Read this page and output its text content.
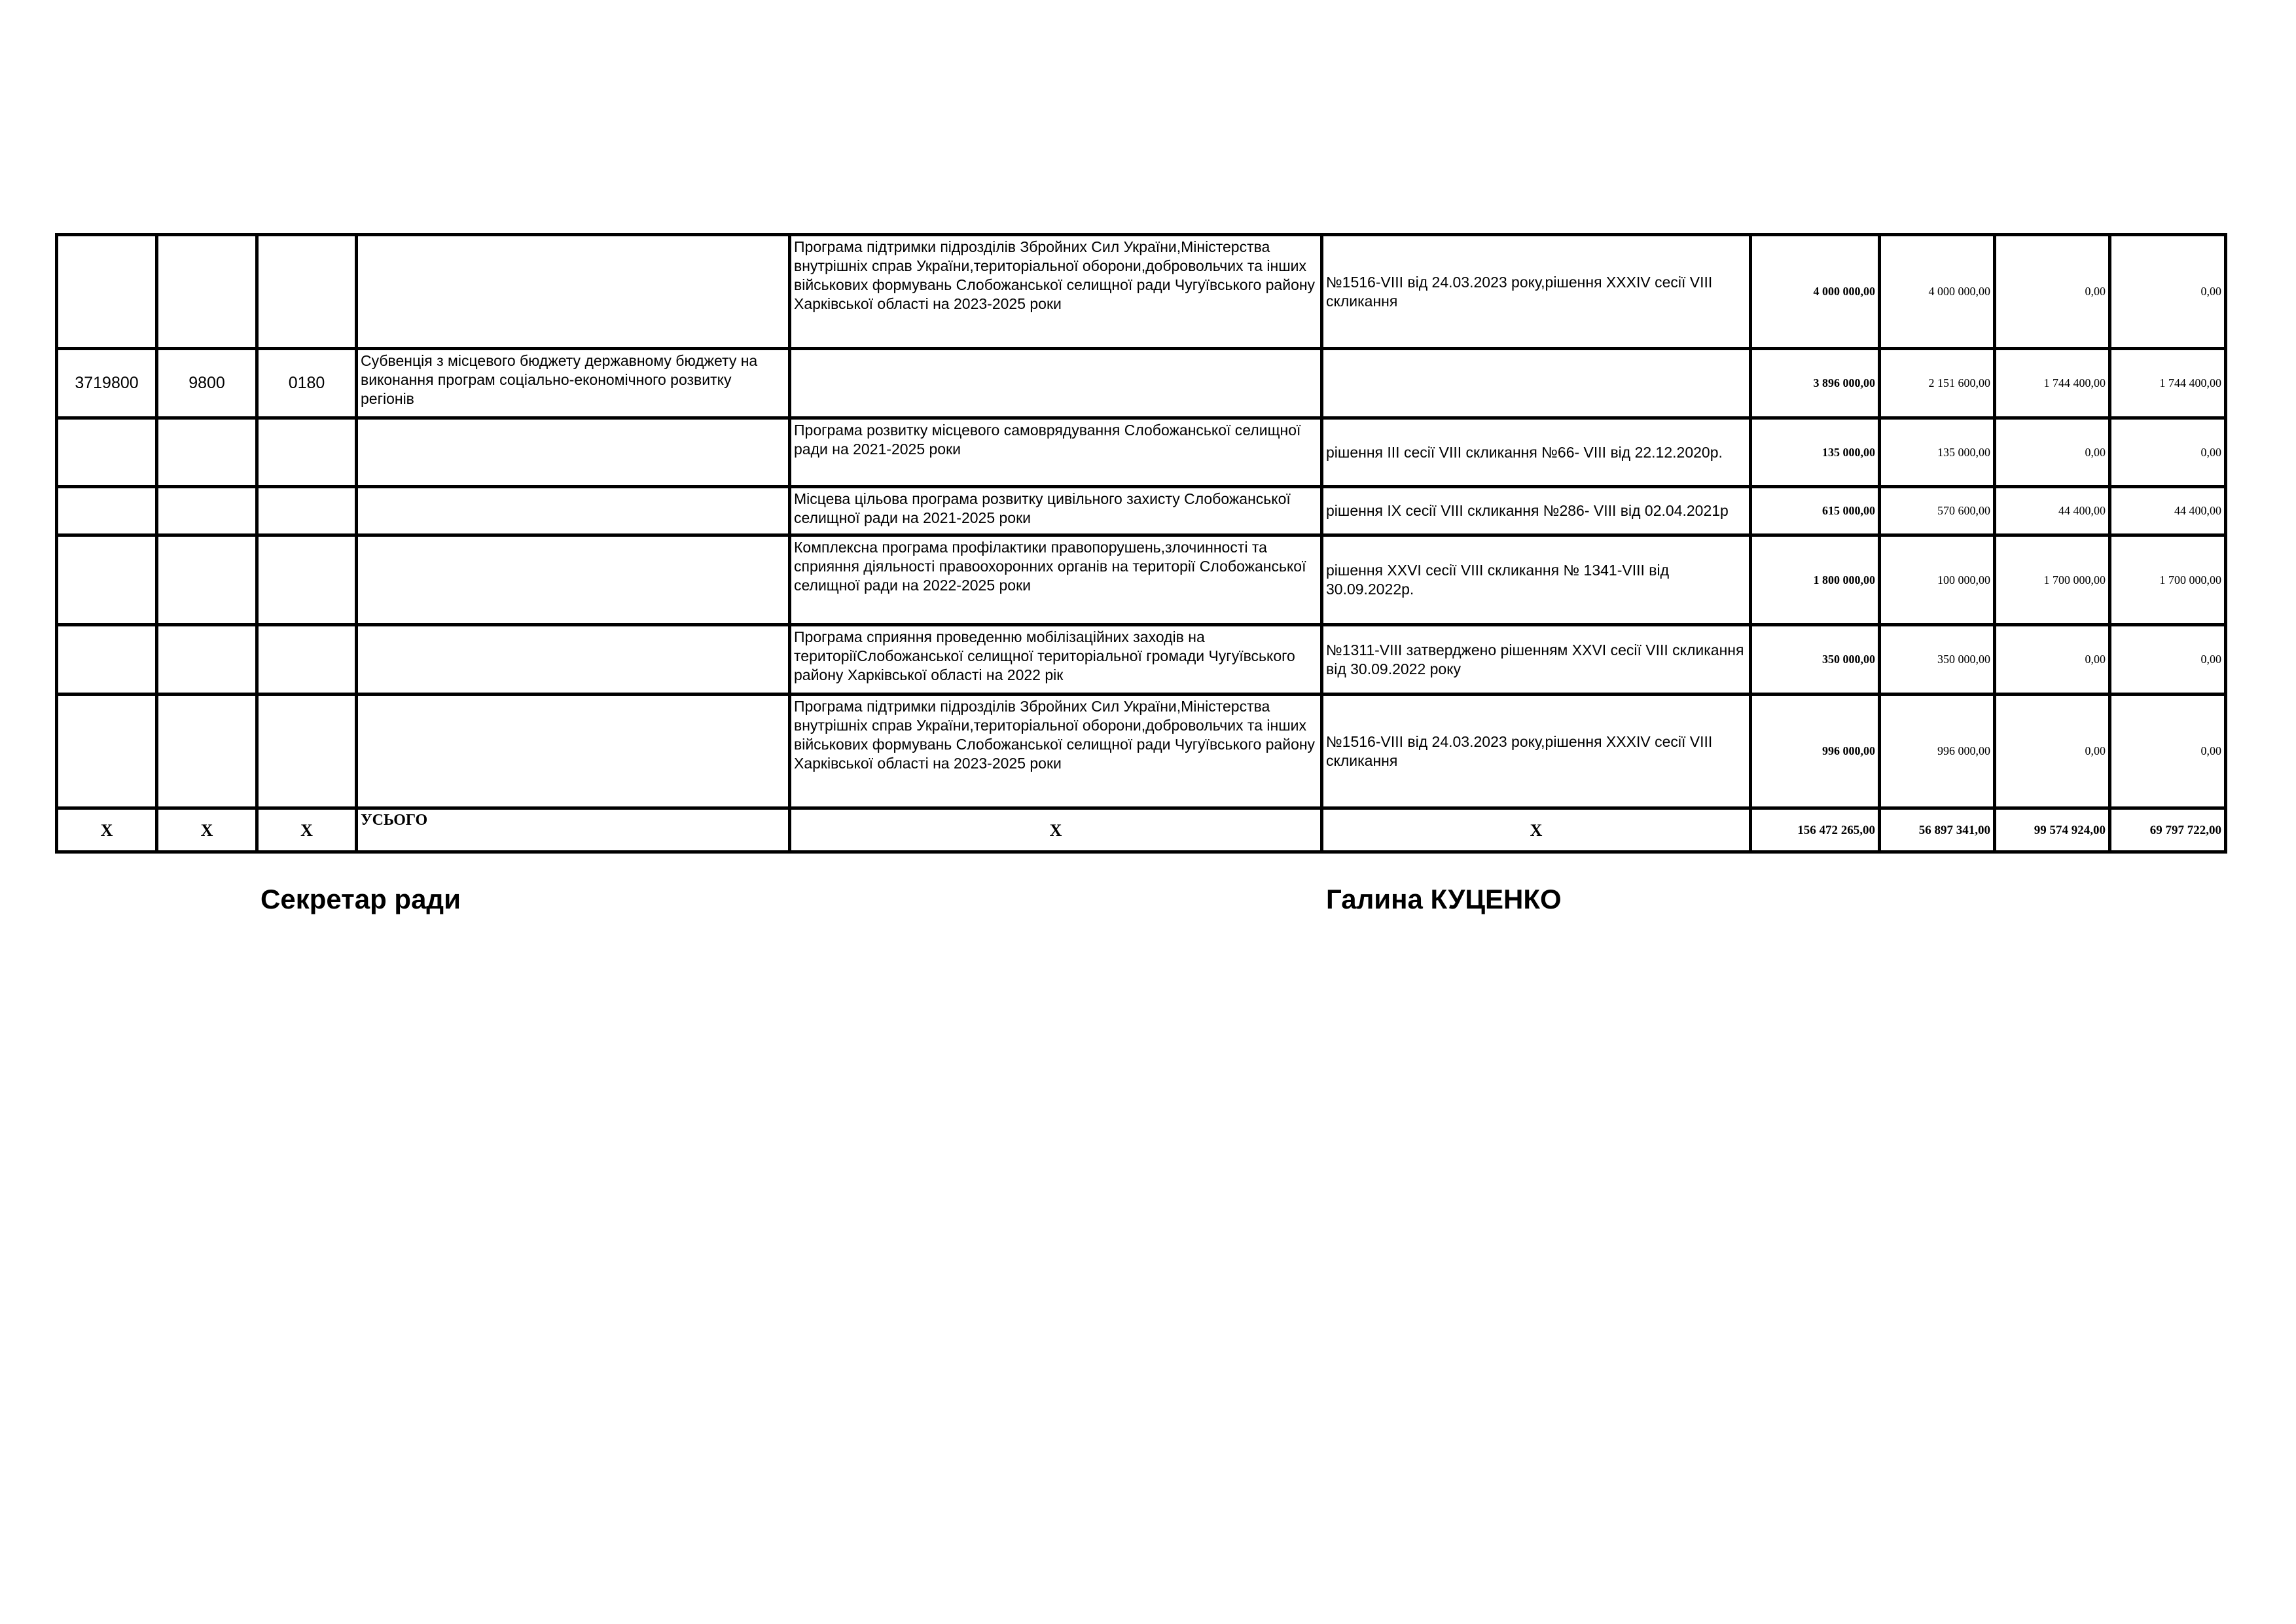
				Програма підтримки підрозділів Збройних Сил України,Міністерства внутрішніх справ України,територіальної оборони,добровольчих та інших військових формувань Слобожанської селищної ради Чугуївського району Харківської області на 2023-2025 роки	№1516-VIII від 24.03.2023 року,рішення XXXIV сесії VIII скликання	4 000 000,00	4 000 000,00	0,00	0,00
3719800	9800	0180	Субвенція з місцевого бюджету державному бюджету на виконання програм соціально-економічного розвитку регіонів			3 896 000,00	2 151 600,00	1 744 400,00	1 744 400,00
				Програма розвитку місцевого самоврядування Слобожанської селищної ради на 2021-2025 роки	рішення III сесії VIII скликання №66- VIII від 22.12.2020р.	135 000,00	135 000,00	0,00	0,00
				Місцева цільова програма розвитку цивільного захисту Слобожанської селищної ради на 2021-2025 роки	рішення IX сесії VIII скликання №286- VIII від 02.04.2021р	615 000,00	570 600,00	44 400,00	44 400,00
				Комплексна програма профілактики правопорушень,злочинності та сприяння діяльності правоохоронних органів на території Слобожанської селищної ради на 2022-2025 роки	рішення XXVI сесії VIII скликання № 1341-VIII від 30.09.2022р.	1 800 000,00	100 000,00	1 700 000,00	1 700 000,00
				Програма сприяння проведенню мобілізаційних заходів на територіїСлобожанської селищної територіальної громади Чугуївського району Харківської області на 2022 рік	№1311-VIII затверджено рішенням XXVI сесії VIII скликання від 30.09.2022 року	350 000,00	350 000,00	0,00	0,00
				Програма підтримки підрозділів Збройних Сил України,Міністерства внутрішніх справ України,територіальної оборони,добровольчих та інших військових формувань Слобожанської селищної ради Чугуївського району Харківської області на 2023-2025 роки	№1516-VIII від 24.03.2023 року,рішення XXXIV сесії VIII скликання	996 000,00	996 000,00	0,00	0,00
X	X	X	УСЬОГО	X	X	156 472 265,00	56 897 341,00	99 574 924,00	69 797 722,00
Секретар ради	Галина КУЦЕНКО
